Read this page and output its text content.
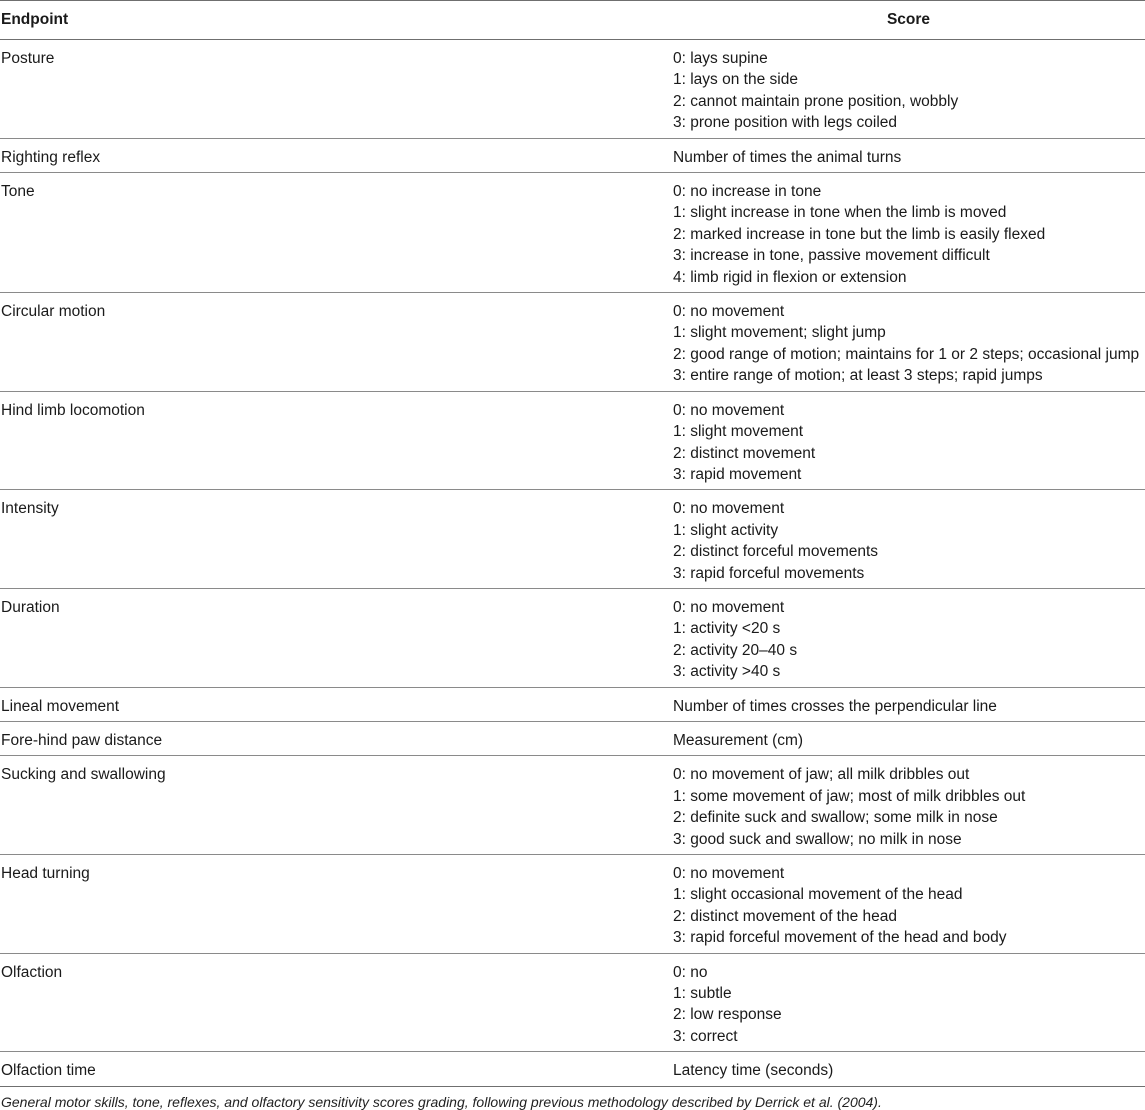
Endpoint	Score
Posture	0: lays supine
1: lays on the side
2: cannot maintain prone position, wobbly
3: prone position with legs coiled

Righting reflex	Number of times the animal turns

Tone	0: no increase in tone
1: slight increase in tone when the limb is moved
2: marked increase in tone but the limb is easily flexed
3: increase in tone, passive movement difficult
4: limb rigid in flexion or extension

Circular motion	0: no movement
1: slight movement; slight jump
2: good range of motion; maintains for 1 or 2 steps; occasional jump
3: entire range of motion; at least 3 steps; rapid jumps

Hind limb locomotion	0: no movement
1: slight movement
2: distinct movement
3: rapid movement

Intensity	0: no movement
1: slight activity
2: distinct forceful movements
3: rapid forceful movements

Duration	0: no movement
1: activity <20 s
2: activity 20–40 s
3: activity >40 s

Lineal movement	Number of times crosses the perpendicular line

Fore-hind paw distance	Measurement (cm)

Sucking and swallowing	0: no movement of jaw; all milk dribbles out
1: some movement of jaw; most of milk dribbles out
2: definite suck and swallow; some milk in nose
3: good suck and swallow; no milk in nose

Head turning	0: no movement
1: slight occasional movement of the head
2: distinct movement of the head
3: rapid forceful movement of the head and body

Olfaction	0: no
1: subtle
2: low response
3: correct

Olfaction time	Latency time (seconds)
General motor skills, tone, reflexes, and olfactory sensitivity scores grading, following previous methodology described by Derrick et al. (2004).
